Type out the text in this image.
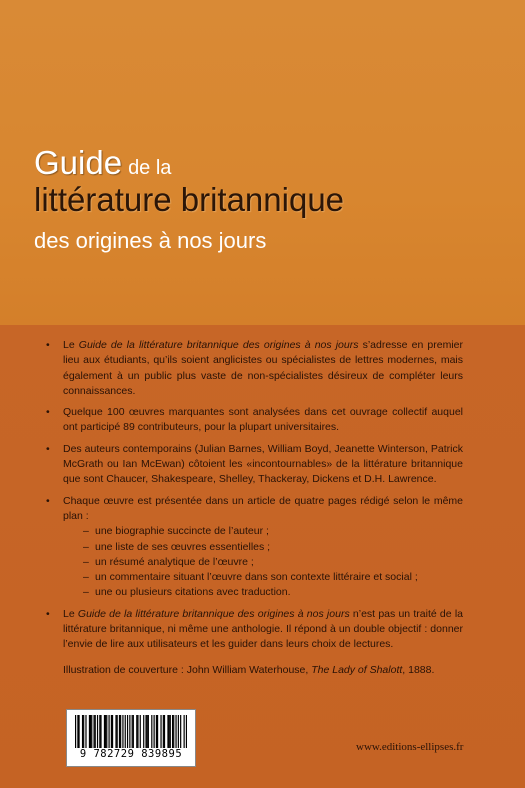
Guide de la
littérature britannique
des origines à nos jours
• Le Guide de la littérature britannique des origines à nos jours s’adresse en premier lieu aux étudiants, qu’ils soient anglicistes ou spécialistes de lettres modernes, mais également à un public plus vaste de non-spécialistes désireux de compléter leurs connaissances.
• Quelque 100 œuvres marquantes sont analysées dans cet ouvrage collectif auquel ont participé 89 contributeurs, pour la plupart universitaires.
• Des auteurs contemporains (Julian Barnes, William Boyd, Jeanette Winterson, Patrick McGrath ou Ian McEwan) côtoient les «incontournables» de la littérature britannique que sont Chaucer, Shakespeare, Shelley, Thackeray, Dickens et D.H. Lawrence.
• Chaque œuvre est présentée dans un article de quatre pages rédigé selon le même plan :
– une biographie succincte de l’auteur ;
– une liste de ses œuvres essentielles ;
– un résumé analytique de l’œuvre ;
– un commentaire situant l’œuvre dans son contexte littéraire et social ;
– une ou plusieurs citations avec traduction.
• Le Guide de la littérature britannique des origines à nos jours n’est pas un traité de la littérature britannique, ni même une anthologie. Il répond à un double objectif : donner l’envie de lire aux utilisateurs et les guider dans leurs choix de lectures.
Illustration de couverture : John William Waterhouse, The Lady of Shalott, 1888.
9 782729 839895
www.editions-ellipses.fr
